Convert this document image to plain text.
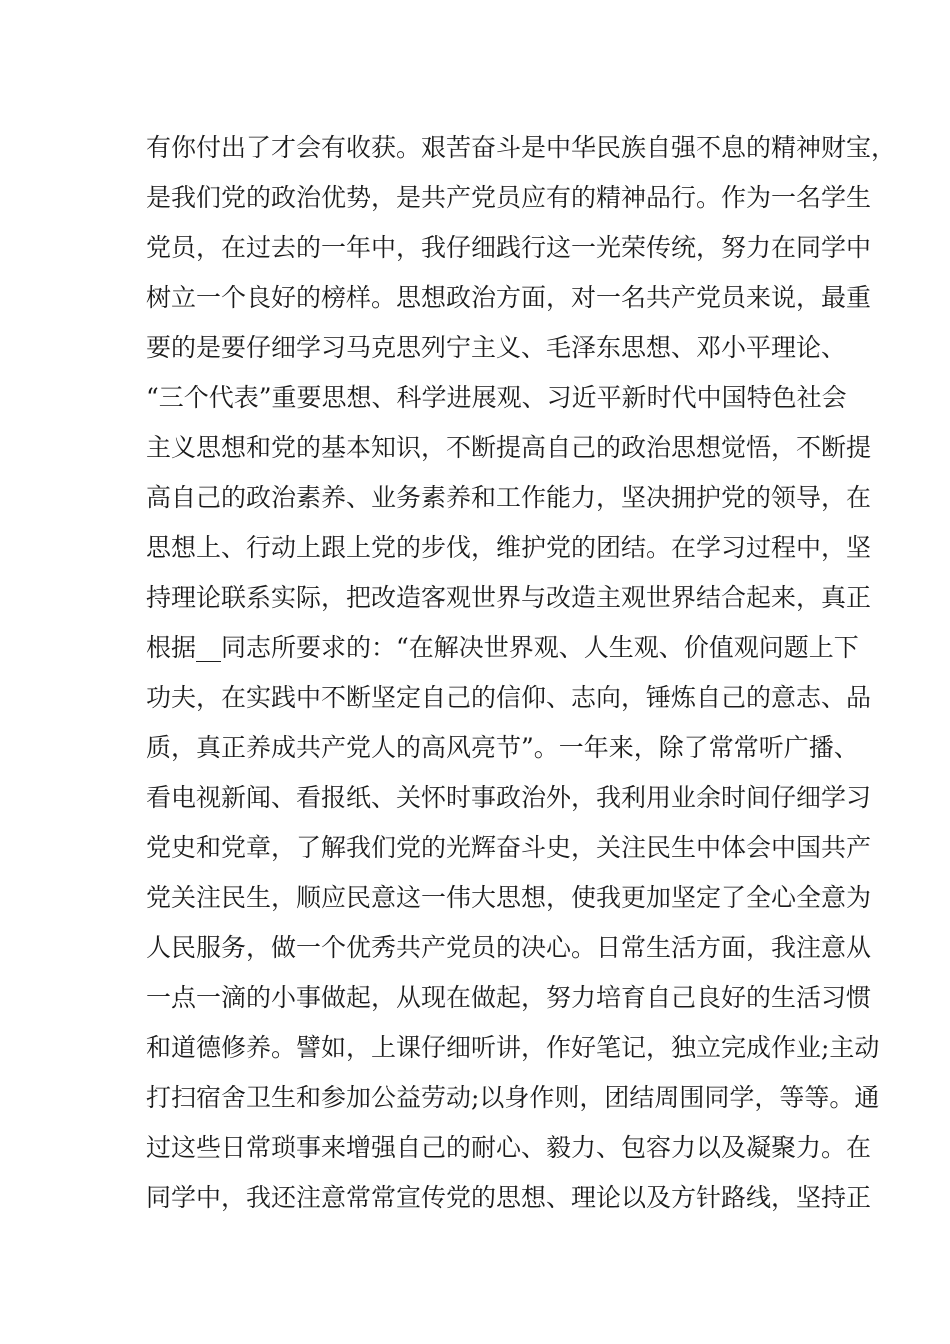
有你付出了才会有收获。艰苦奋斗是中华民族自强不息的精神财宝，
是我们党的政治优势，是共产党员应有的精神品行。作为一名学生
党员，在过去的一年中，我仔细践行这一光荣传统，努力在同学中
树立一个良好的榜样。思想政治方面，对一名共产党员来说，最重
要的是要仔细学习马克思列宁主义、毛泽东思想、邓小平理论、
“三个代表”重要思想、科学进展观、习近平新时代中国特色社会
主义思想和党的基本知识，不断提高自己的政治思想觉悟，不断提
高自己的政治素养、业务素养和工作能力，坚决拥护党的领导，在
思想上、行动上跟上党的步伐，维护党的团结。在学习过程中，坚
持理论联系实际，把改造客观世界与改造主观世界结合起来，真正
根据__同志所要求的：“在解决世界观、人生观、价值观问题上下
功夫，在实践中不断坚定自己的信仰、志向，锤炼自己的意志、品
质，真正养成共产党人的高风亮节”。一年来，除了常常听广播、
看电视新闻、看报纸、关怀时事政治外，我利用业余时间仔细学习
党史和党章，了解我们党的光辉奋斗史，关注民生中体会中国共产
党关注民生，顺应民意这一伟大思想，使我更加坚定了全心全意为
人民服务，做一个优秀共产党员的决心。日常生活方面，我注意从
一点一滴的小事做起，从现在做起，努力培育自己良好的生活习惯
和道德修养。譬如，上课仔细听讲，作好笔记，独立完成作业;主动
打扫宿舍卫生和参加公益劳动;以身作则，团结周围同学，等等。通
过这些日常琐事来增强自己的耐心、毅力、包容力以及凝聚力。在
同学中，我还注意常常宣传党的思想、理论以及方针路线，坚持正
